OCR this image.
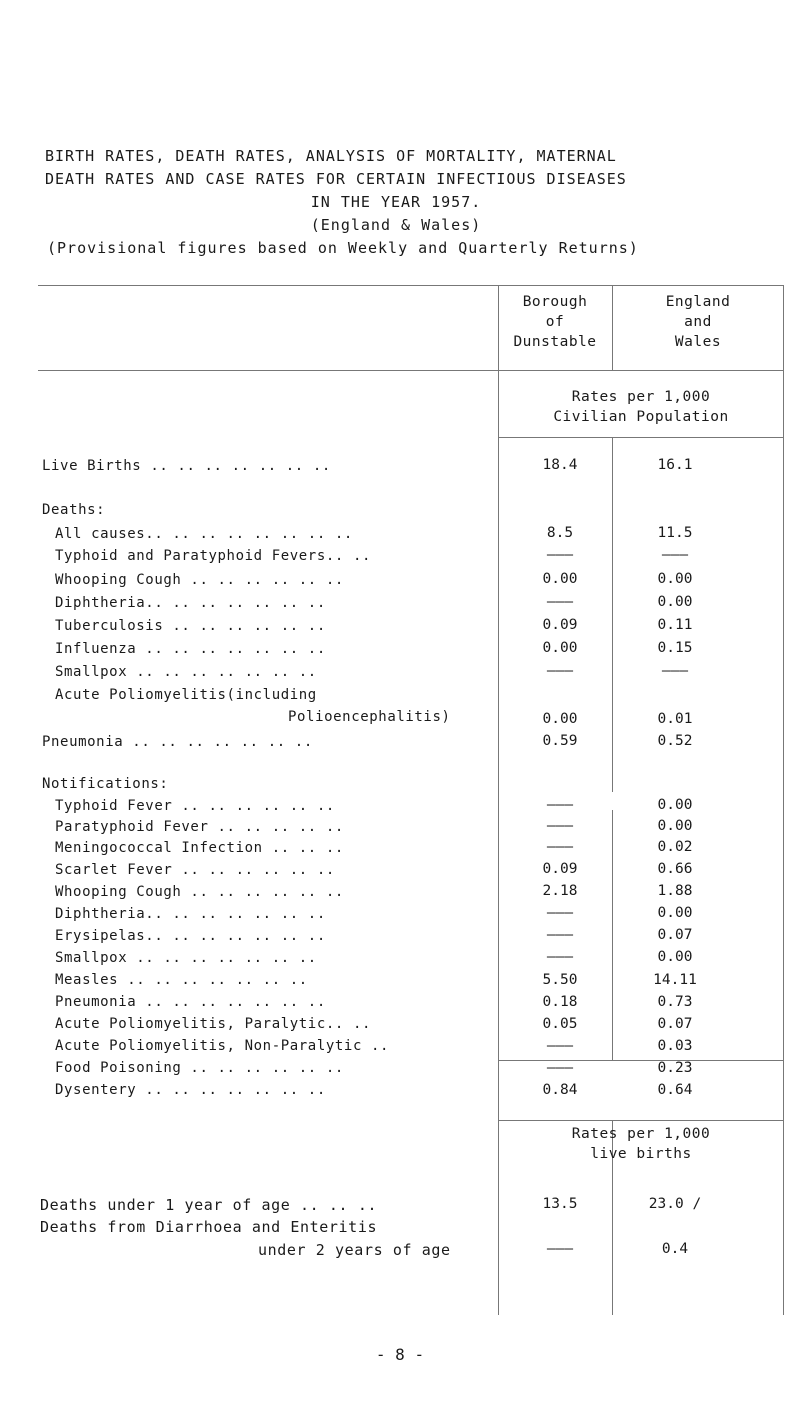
BIRTH RATES, DEATH RATES, ANALYSIS OF MORTALITY, MATERNAL
DEATH RATES AND CASE RATES FOR CERTAIN INFECTIOUS DISEASES
IN THE YEAR 1957.
(England & Wales)
(Provisional figures based on Weekly and Quarterly Returns)
Borough
of
Dunstable
England
and
Wales
Rates per 1,000
Civilian Population
Live Births .. .. .. .. .. .. ..	18.4	16.1
Deaths:
All causes.. .. .. .. .. .. .. ..	8.5	11.5
Typhoid and Paratyphoid Fevers.. ..	———	———
Whooping Cough .. .. .. .. .. ..	0.00	0.00
Diphtheria.. .. .. .. .. .. ..	———	0.00
Tuberculosis .. .. .. .. .. ..	0.09	0.11
Influenza .. .. .. .. .. .. ..	0.00	0.15
Smallpox .. .. .. .. .. .. ..	———	———
Acute Poliomyelitis(including
Polioencephalitis)	0.00	0.01
Pneumonia .. .. .. .. .. .. ..	0.59	0.52
Notifications:
Typhoid Fever .. .. .. .. .. ..	———	0.00
Paratyphoid Fever .. .. .. .. ..	———	0.00
Meningococcal Infection .. .. ..	———	0.02
Scarlet Fever .. .. .. .. .. ..	0.09	0.66
Whooping Cough .. .. .. .. .. ..	2.18	1.88
Diphtheria.. .. .. .. .. .. ..	———	0.00
Erysipelas.. .. .. .. .. .. ..	———	0.07
Smallpox .. .. .. .. .. .. ..	———	0.00
Measles .. .. .. .. .. .. ..	5.50	14.11
Pneumonia .. .. .. .. .. .. ..	0.18	0.73
Acute Poliomyelitis, Paralytic.. ..	0.05	0.07
Acute Poliomyelitis, Non-Paralytic ..	———	0.03
Food Poisoning .. .. .. .. .. ..	———	0.23
Dysentery .. .. .. .. .. .. ..	0.84	0.64
Rates per 1,000
live births
Deaths under 1 year of age .. .. ..	13.5	23.0 /
Deaths from Diarrhoea and Enteritis
under 2 years of age	———	0.4
- 8 -
